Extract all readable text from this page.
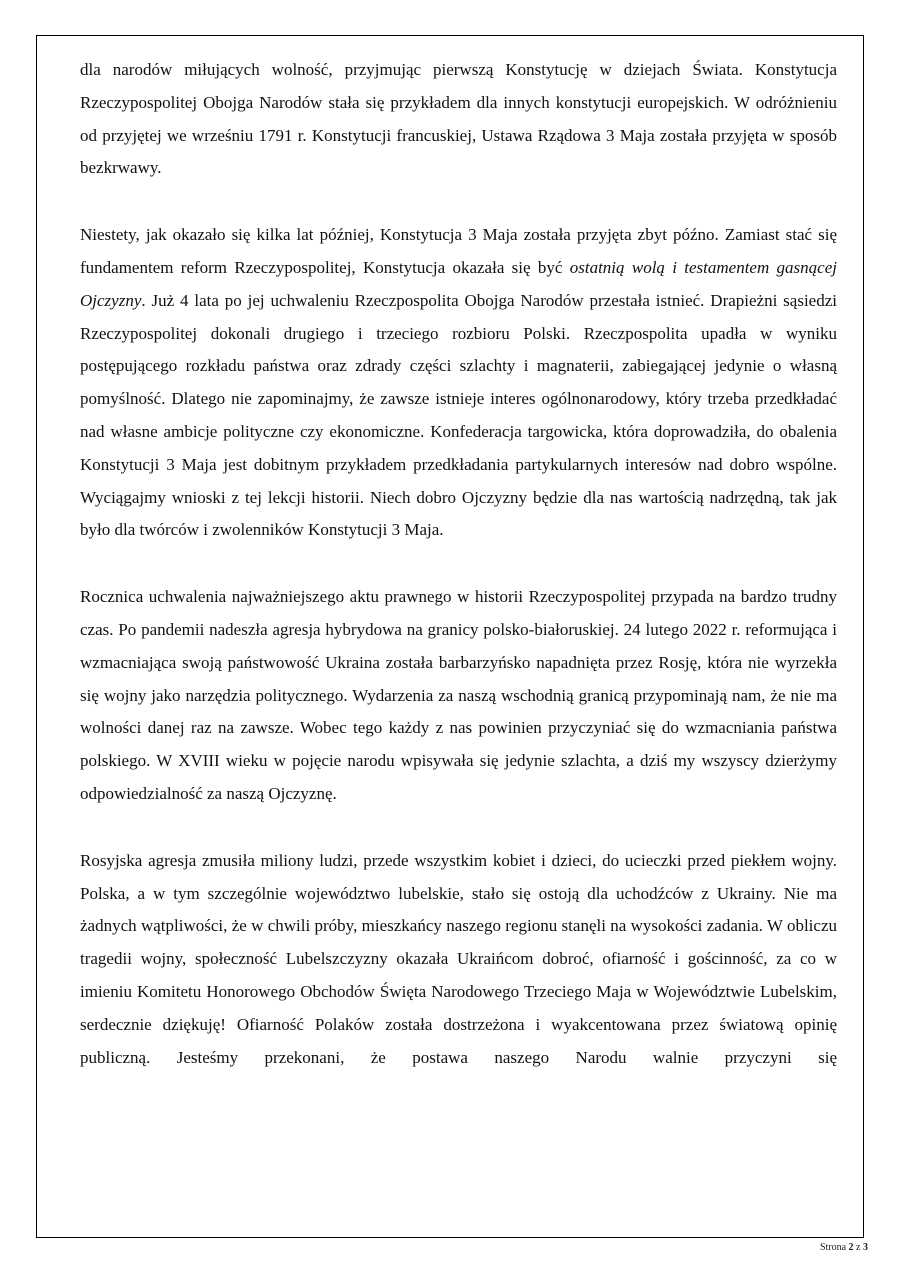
dla narodów miłujących wolność, przyjmując pierwszą Konstytucję w dziejach Świata. Konstytucja Rzeczypospolitej Obojga Narodów stała się przykładem dla innych konstytucji europejskich. W odróżnieniu od przyjętej we wrześniu 1791 r. Konstytucji francuskiej, Ustawa Rządowa 3 Maja została przyjęta w sposób bezkrwawy.

Niestety, jak okazało się kilka lat później, Konstytucja 3 Maja została przyjęta zbyt późno. Zamiast stać się fundamentem reform Rzeczypospolitej, Konstytucja okazała się być ostatnią wolą i testamentem gasnącej Ojczyzny. Już 4 lata po jej uchwaleniu Rzeczpospolita Obojga Narodów przestała istnieć. Drapieżni sąsiedzi Rzeczypospolitej dokonali drugiego i trzeciego rozbioru Polski. Rzeczpospolita upadła w wyniku postępującego rozkładu państwa oraz zdrady części szlachty i magnaterii, zabiegającej jedynie o własną pomyślność. Dlatego nie zapominajmy, że zawsze istnieje interes ogólnonarodowy, który trzeba przedkładać nad własne ambicje polityczne czy ekonomiczne. Konfederacja targowicka, która doprowadziła, do obalenia Konstytucji 3 Maja jest dobitnym przykładem przedkładania partykularnych interesów nad dobro wspólne. Wyciągajmy wnioski z tej lekcji historii. Niech dobro Ojczyzny będzie dla nas wartością nadrzędną, tak jak było dla twórców i zwolenników Konstytucji 3 Maja.

Rocznica uchwalenia najważniejszego aktu prawnego w historii Rzeczypospolitej przypada na bardzo trudny czas. Po pandemii nadeszła agresja hybrydowa na granicy polsko-białoruskiej. 24 lutego 2022 r. reformująca i wzmacniająca swoją państwowość Ukraina została barbarzyńsko napadnięta przez Rosję, która nie wyrzekła się wojny jako narzędzia politycznego. Wydarzenia za naszą wschodnią granicą przypominają nam, że nie ma wolności danej raz na zawsze. Wobec tego każdy z nas powinien przyczyniać się do wzmacniania państwa polskiego. W XVIII wieku w pojęcie narodu wpisywała się jedynie szlachta, a dziś my wszyscy dzierżymy odpowiedzialność za naszą Ojczyznę.

Rosyjska agresja zmusiła miliony ludzi, przede wszystkim kobiet i dzieci, do ucieczki przed piekłem wojny. Polska, a w tym szczególnie województwo lubelskie, stało się ostoją dla uchodźców z Ukrainy. Nie ma żadnych wątpliwości, że w chwili próby, mieszkańcy naszego regionu stanęli na wysokości zadania. W obliczu tragedii wojny, społeczność Lubelszczyzny okazała Ukraińcom dobroć, ofiarność i gościnność, za co w imieniu Komitetu Honorowego Obchodów Święta Narodowego Trzeciego Maja w Województwie Lubelskim, serdecznie dziękuję! Ofiarność Polaków została dostrzeżona i wyakcentowana przez światową opinię publiczną. Jesteśmy przekonani, że postawa naszego Narodu walnie przyczyni się

Strona 2 z 3
